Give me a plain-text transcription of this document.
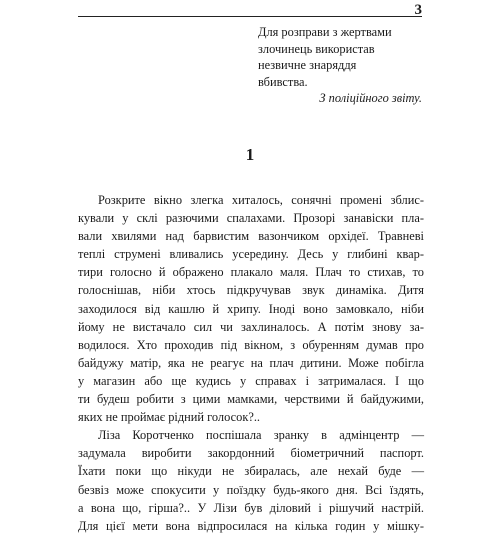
3
Для розправи з жертвами
злочинець використав
незвичне знаряддя
вбивства.
З поліційного звіту.
1
Розкрите вікно злегка хиталось, сонячні промені зблис-
кували у склі разючими спалахами. Прозорі занавіски пла-
вали хвилями над барвистим вазончиком орхідеї. Травневі
теплі струмені вливались усередину. Десь у глибині квар-
тири голосно й ображено плакало маля. Плач то стихав, то
голоснішав, ніби хтось підкручував звук динаміка. Дитя
заходилося від кашлю й хрипу. Іноді воно замовкало, ніби
йому не вистачало сил чи захлиналось. А потім знову за-
водилося. Хто проходив під вікном, з обуренням думав про
байдужу матір, яка не реагує на плач дитини. Може побігла
у магазин або ще кудись у справах і затрималася. І що
ти будеш робити з цими мамками, черствими й байдужими,
яких не проймає рідний голосок?..
Ліза Коротченко поспішала зранку в адмінцентр —
задумала виробити закордонний біометричний паспорт.
Їхати поки що нікуди не збиралась, але нехай буде —
безвіз може спокусити у поїздку будь-якого дня. Всі їздять,
а вона що, гірша?.. У Лізи був діловий і рішучий настрій.
Для цієї мети вона відпросилася на кілька годин у мішку-
